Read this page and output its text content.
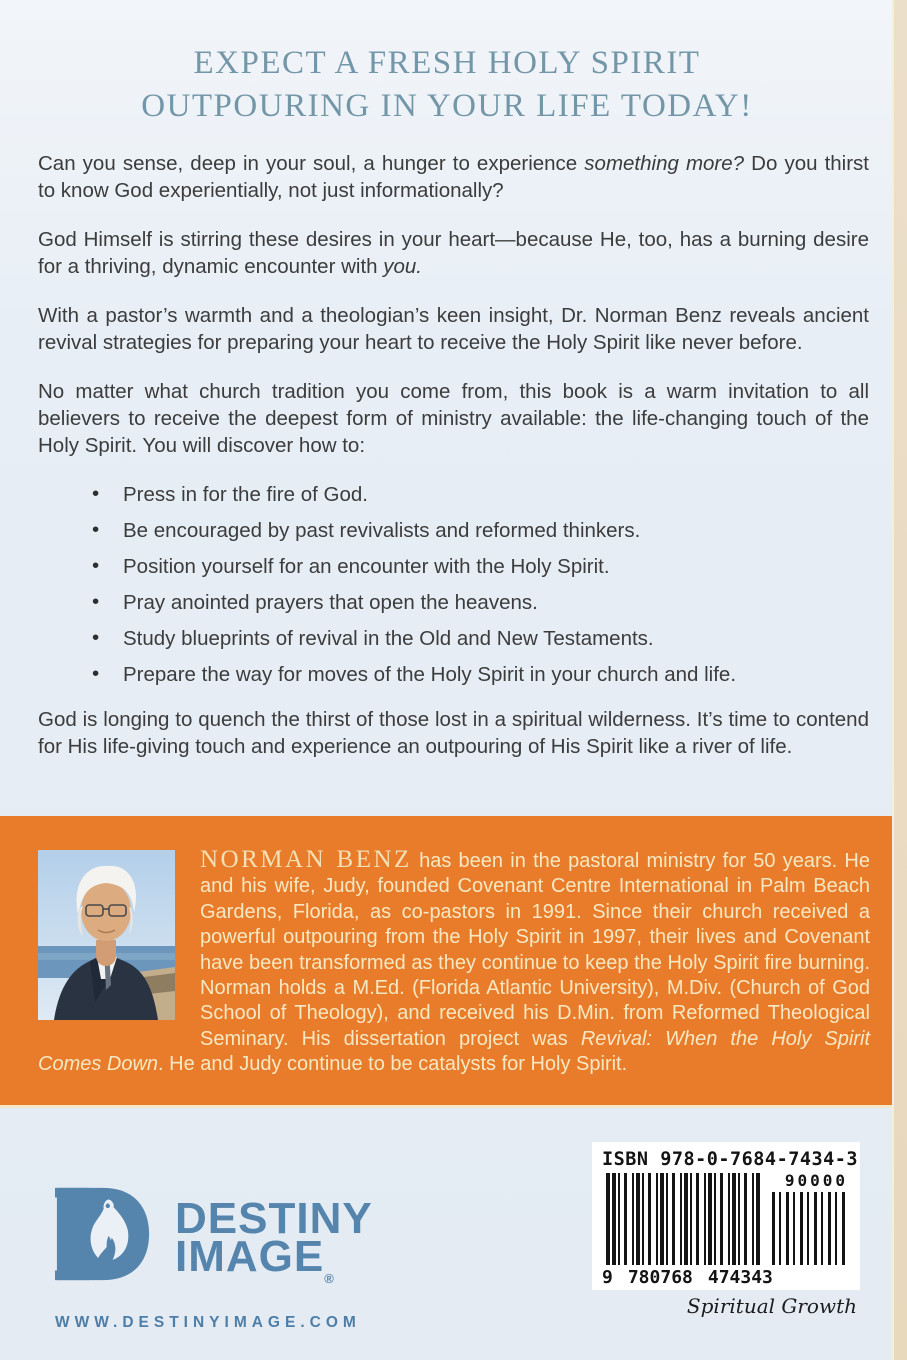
EXPECT A FRESH HOLY SPIRIT
OUTPOURING IN YOUR LIFE TODAY!

Can you sense, deep in your soul, a hunger to experience something more? Do you thirst to know God experientially, not just informationally?

God Himself is stirring these desires in your heart—because He, too, has a burning desire for a thriving, dynamic encounter with you.

With a pastor’s warmth and a theologian’s keen insight, Dr. Norman Benz reveals ancient revival strategies for preparing your heart to receive the Holy Spirit like never before.

No matter what church tradition you come from, this book is a warm invitation to all believers to receive the deepest form of ministry available: the life-changing touch of the Holy Spirit. You will discover how to:

• Press in for the fire of God.
• Be encouraged by past revivalists and reformed thinkers.
• Position yourself for an encounter with the Holy Spirit.
• Pray anointed prayers that open the heavens.
• Study blueprints of revival in the Old and New Testaments.
• Prepare the way for moves of the Holy Spirit in your church and life.

God is longing to quench the thirst of those lost in a spiritual wilderness. It’s time to contend for His life-giving touch and experience an outpouring of His Spirit like a river of life.

NORMAN BENZ has been in the pastoral ministry for 50 years. He and his wife, Judy, founded Covenant Centre International in Palm Beach Gardens, Florida, as co-pastors in 1991. Since their church received a powerful outpouring from the Holy Spirit in 1997, their lives and Covenant have been transformed as they continue to keep the Holy Spirit fire burning. Norman holds a M.Ed. (Florida Atlantic University), M.Div. (Church of God School of Theology), and received his D.Min. from Reformed Theological Seminary. His dissertation project was Revival: When the Holy Spirit Comes Down. He and Judy continue to be catalysts for Holy Spirit.
DESTINY
$IMAGE_®$
WWW.DESTINYIMAGE.COM
ISBN 978-0-7684-7434-3
90000
9 780768 474343
Spiritual Growth
